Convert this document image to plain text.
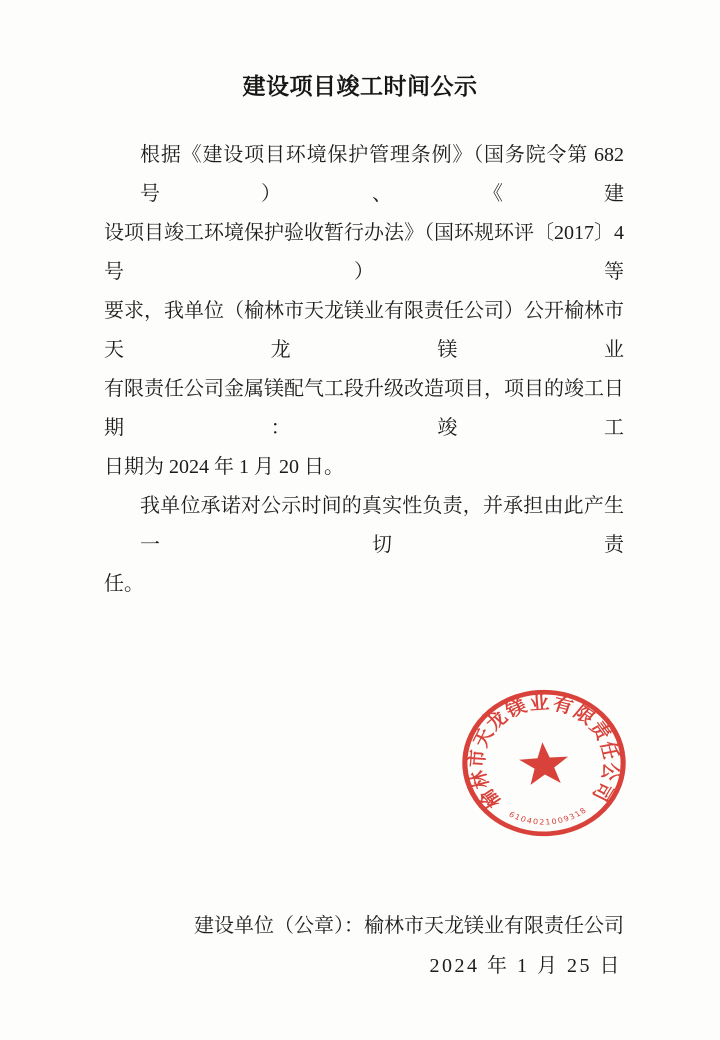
建设项目竣工时间公示
根据《建设项目环境保护管理条例》（国务院令第 682 号）、《建
设项目竣工环境保护验收暂行办法》（国环规环评〔2017〕4 号）等
要求，我单位（榆林市天龙镁业有限责任公司）公开榆林市天龙镁业
有限责任公司金属镁配气工段升级改造项目，项目的竣工日期：竣工
日期为 2024 年 1 月 20 日。
我单位承诺对公示时间的真实性负责，并承担由此产生一切责
任。
建设单位（公章）：榆林市天龙镁业有限责任公司
2024 年 1 月 25 日
榆林市天龙镁业有限责任公司
6104021009318
